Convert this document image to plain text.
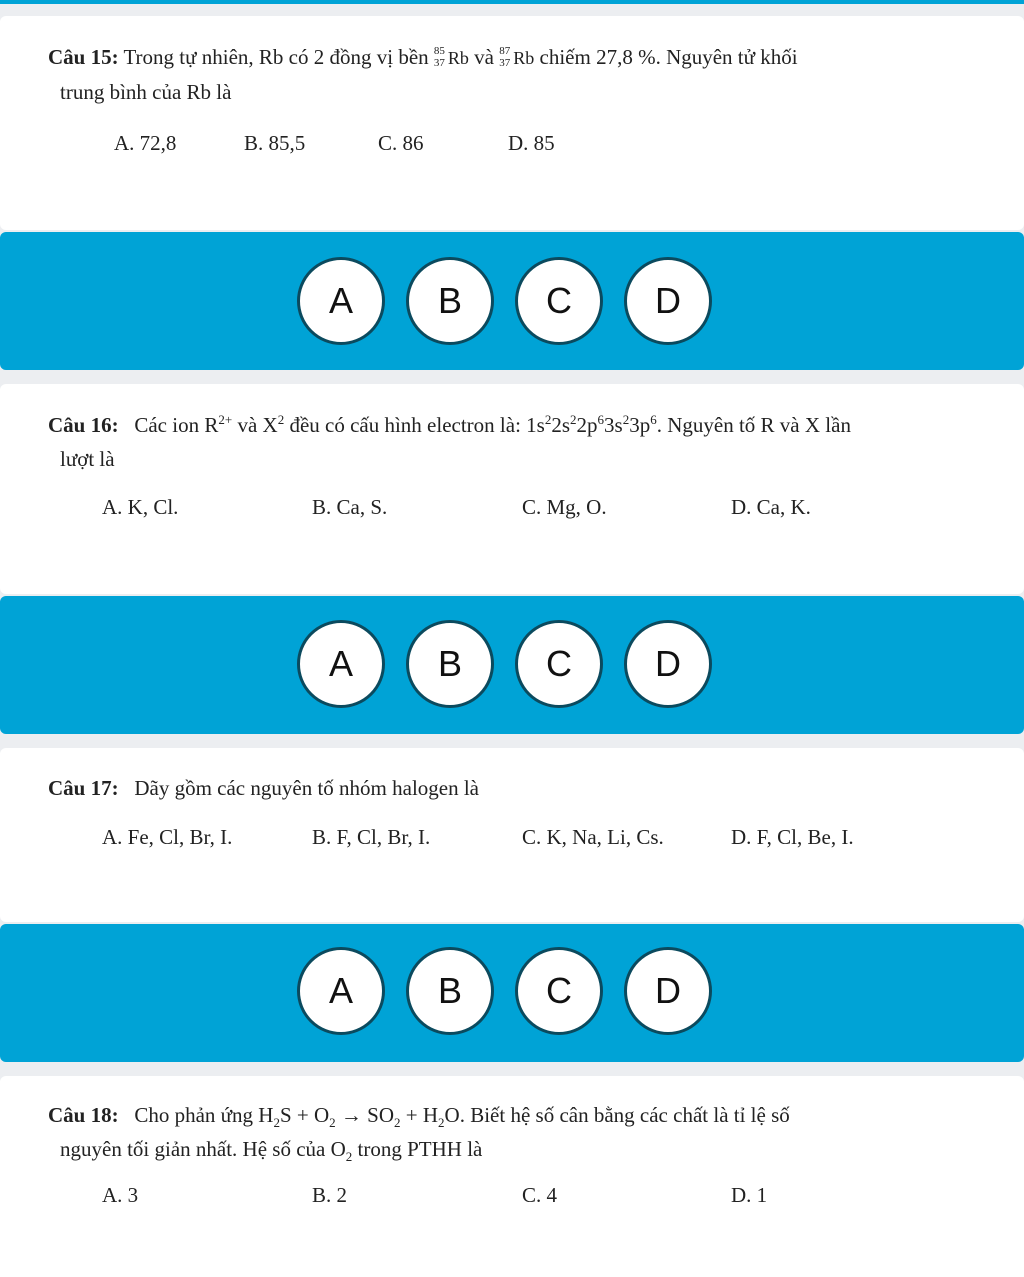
Câu 15: Trong tự nhiên, Rb có 2 đồng vị bền 85
37 Rb và 87
37 Rb chiếm 27,8 %. Nguyên tử khối
trung bình của Rb là
A. 72,8	B. 85,5	C. 86	D. 85
A	B	C	D
Câu 16: Các ion $R^{2+}$ và $X^2$ đều có cấu hình electron là: $1s^22s^22p^63s^23p^6$. Nguyên tố R và X lần
lượt là
A. K, Cl.	B. Ca, S.	C. Mg, O.	D. Ca, K.
A	B	C	D
Câu 17: Dãy gồm các nguyên tố nhóm halogen là
A. Fe, Cl, Br, I.	B. F, Cl, Br, I.	C. K, Na, Li, Cs.	D. F, Cl, Be, I.
A	B	C	D
Câu 18: Cho phản ứng $H_2S + O_2 \to SO_2 + H_2O$. Biết hệ số cân bằng các chất là tỉ lệ số
nguyên tối giản nhất. Hệ số của $O_2$ trong PTHH là
A. 3	B. 2	C. 4	D. 1
